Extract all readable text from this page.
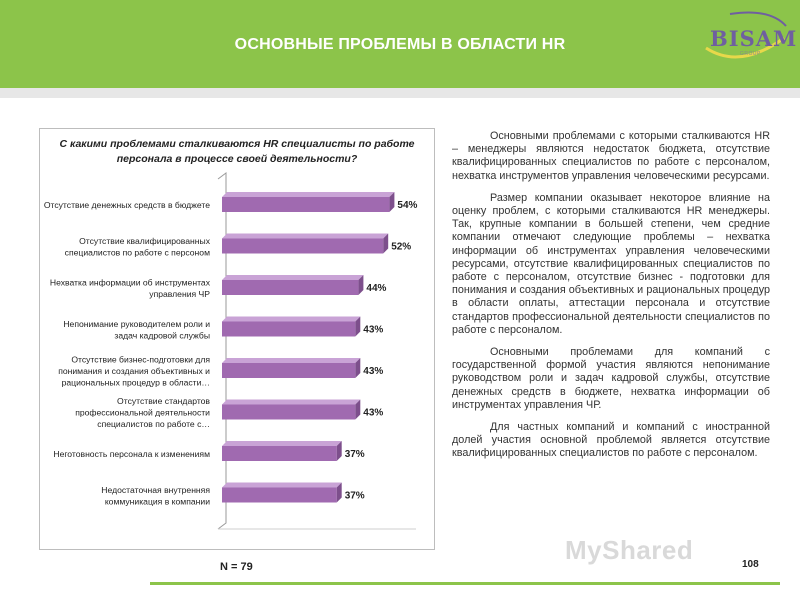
ОСНОВНЫЕ ПРОБЛЕМЫ В ОБЛАСТИ HR	BISAM
GROUP
54%
Отсутствие денежных средств в бюджете
52%
Отсутствие квалифицированных
специалистов по работе с персоном
44%
Нехватка информации об инструментах
управления ЧР
43%
Непонимание руководителем роли и
задач кадровой службы
43%
Отсутствие бизнес-подготовки для
понимания и создания объективных и
рациональных процедур в области…
43%
Отсутствие стандартов
профессиональной деятельности
специалистов по работе с…
37%
Неготовность персонала к изменениям
37%
Недостаточная внутренняя
коммуникация в компании
С какими проблемами сталкиваются HR специалисты по работе персонала в процессе своей деятельности?
N = 79

Основными проблемами с которыми сталкиваются HR – менеджеры являются недостаток бюджета, отсутствие квалифицированных специалистов по работе с персоналом, нехватка инструментов управления человеческими ресурсами.

Размер компании оказывает некоторое влияние на оценку проблем, с которыми сталкиваются HR менеджеры. Так, крупные компании в большей степени, чем средние компании отмечают следующие проблемы – нехватка информации об инструментах управления человеческими ресурсами, отсутствие квалифицированных специалистов по работе с персоналом, отсутствие бизнес - подготовки для понимания и создания объективных и рациональных процедур в области оплаты, аттестации персонала и отсутствие стандартов профессиональной деятельности специалистов по работе с персоналом.

Основными проблемами для компаний с государственной формой участия являются непонимание руководством роли и задач кадровой службы, отсутствие денежных средств в бюджете, нехватка информации об инструментах управления ЧР.

Для частных компаний и компаний с иностранной долей участия основной проблемой является отсутствие квалифицированных специалистов по работе с персоналом.

MyShared	108
